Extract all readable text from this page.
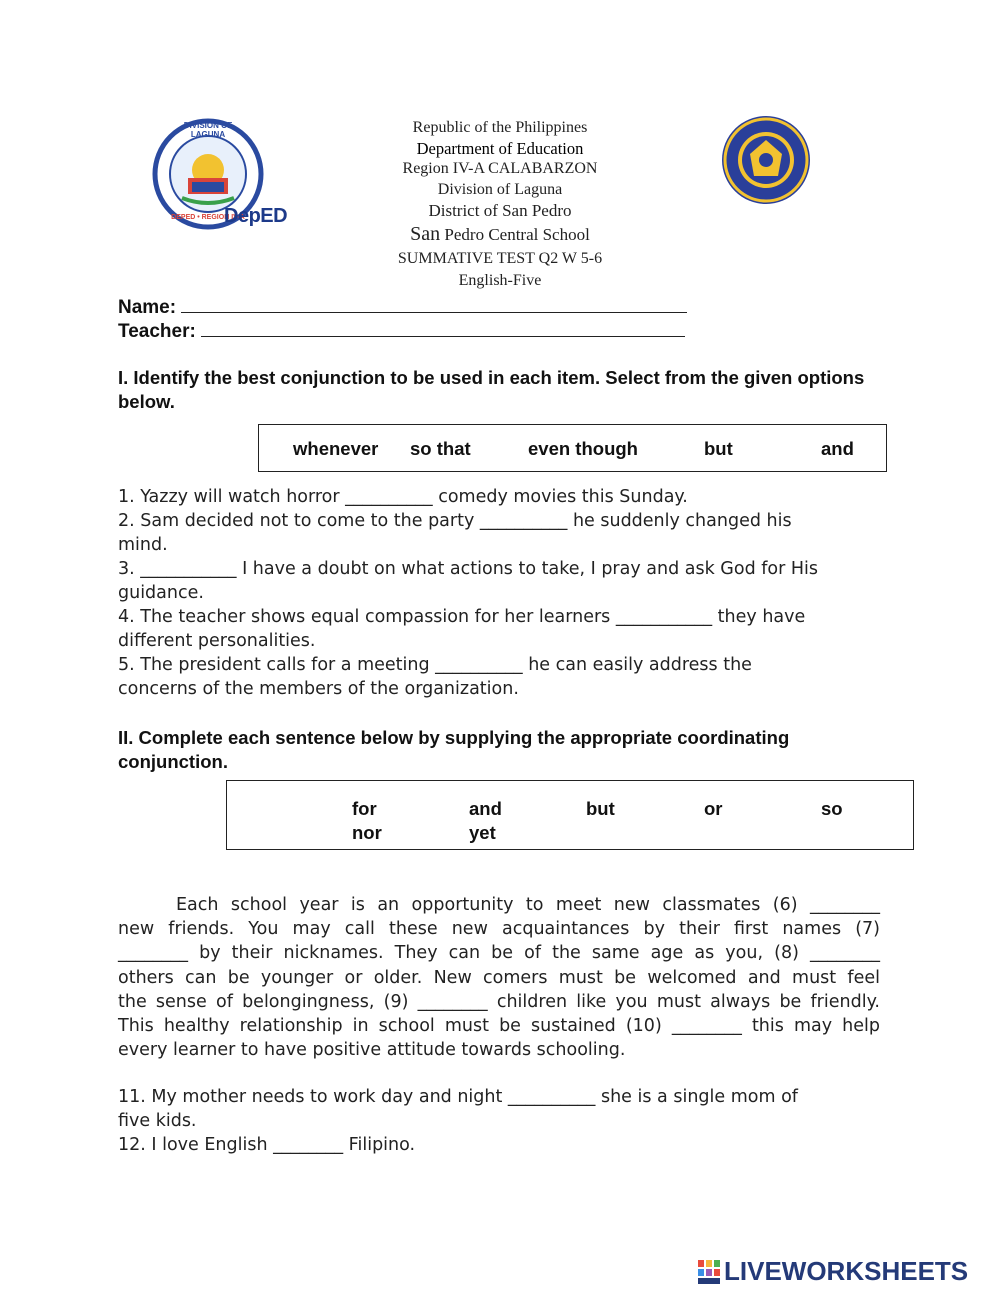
DIVISION OF LAGUNA
DEPED • REGION IV-A
DepED
Republic of the Philippines
Department of Education
Region IV-A CALABARZON
Division of Laguna
District of San Pedro
San Pedro Central School
SUMMATIVE TEST Q2 W 5-6
English-Five
Name:
Teacher:
I. Identify the best conjunction to be used in each item. Select from the given options below.
whenever so that	even though	but	and
1. Yazzy will watch horror __________ comedy movies this Sunday.
2. Sam decided not to come to the party __________ he suddenly changed his
mind.
3. ___________ I have a doubt on what actions to take, I pray and ask God for His
guidance.
4. The teacher shows equal compassion for her learners ___________ they have
different personalities.
5. The president calls for a meeting __________ he can easily address the
concerns of the members of the organization.
II. Complete each sentence below by supplying the appropriate coordinating conjunction.
for	and	but	or	so
nor	yet
Each school year is an opportunity to meet new classmates (6) ________
new friends. You may call these new acquaintances by their first names (7)
________ by their nicknames. They can be of the same age as you, (8) ________
others can be younger or older. New comers must be welcomed and must feel
the sense of belongingness, (9) ________ children like you must always be friendly.
This healthy relationship in school must be sustained (10) ________ this may help
every learner to have positive attitude towards schooling.
11. My mother needs to work day and night __________ she is a single mom of
five kids.
12. I love English ________ Filipino.
LIVEWORKSHEETS
